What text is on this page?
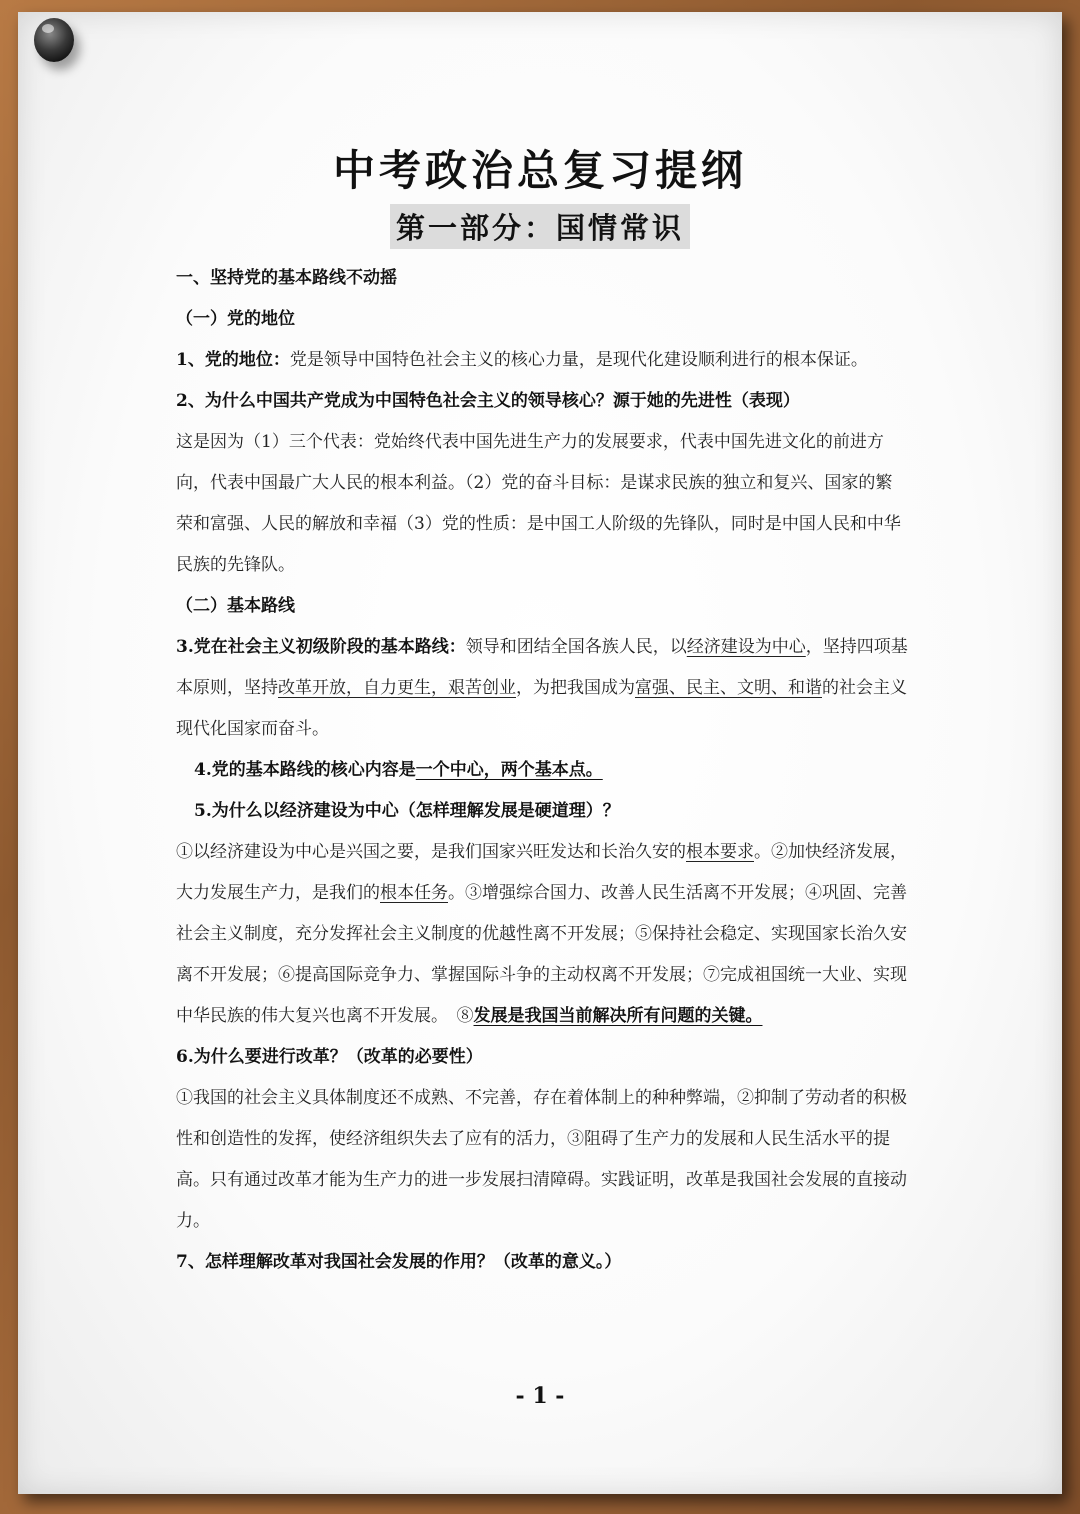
中考政治总复习提纲
第一部分：国情常识

一、坚持党的基本路线不动摇

（一）党的地位

1、党的地位：党是领导中国特色社会主义的核心力量，是现代化建设顺利进行的根本保证。

2、为什么中国共产党成为中国特色社会主义的领导核心？源于她的先进性（表现）

这是因为（1）三个代表：党始终代表中国先进生产力的发展要求，代表中国先进文化的前进方向，代表中国最广大人民的根本利益。（2）党的奋斗目标：是谋求民族的独立和复兴、国家的繁荣和富强、人民的解放和幸福（3）党的性质：是中国工人阶级的先锋队，同时是中国人民和中华民族的先锋队。

（二）基本路线

3.党在社会主义初级阶段的基本路线：领导和团结全国各族人民，以经济建设为中心，坚持四项基本原则，坚持改革开放，自力更生，艰苦创业，为把我国成为富强、民主、文明、和谐的社会主义现代化国家而奋斗。

4.党的基本路线的核心内容是一个中心，两个基本点。

5.为什么以经济建设为中心（怎样理解发展是硬道理）？

①以经济建设为中心是兴国之要，是我们国家兴旺发达和长治久安的根本要求。②加快经济发展，大力发展生产力，是我们的根本任务。③增强综合国力、改善人民生活离不开发展；④巩固、完善社会主义制度，充分发挥社会主义制度的优越性离不开发展；⑤保持社会稳定、实现国家长治久安离不开发展；⑥提高国际竞争力、掌握国际斗争的主动权离不开发展；⑦完成祖国统一大业、实现中华民族的伟大复兴也离不开发展。　⑧发展是我国当前解决所有问题的关键。

6.为什么要进行改革？（改革的必要性）

①我国的社会主义具体制度还不成熟、不完善，存在着体制上的种种弊端，②抑制了劳动者的积极性和创造性的发挥，使经济组织失去了应有的活力，③阻碍了生产力的发展和人民生活水平的提高。只有通过改革才能为生产力的进一步发展扫清障碍。实践证明，改革是我国社会发展的直接动力。

7、怎样理解改革对我国社会发展的作用？（改革的意义。）

- 1 -
